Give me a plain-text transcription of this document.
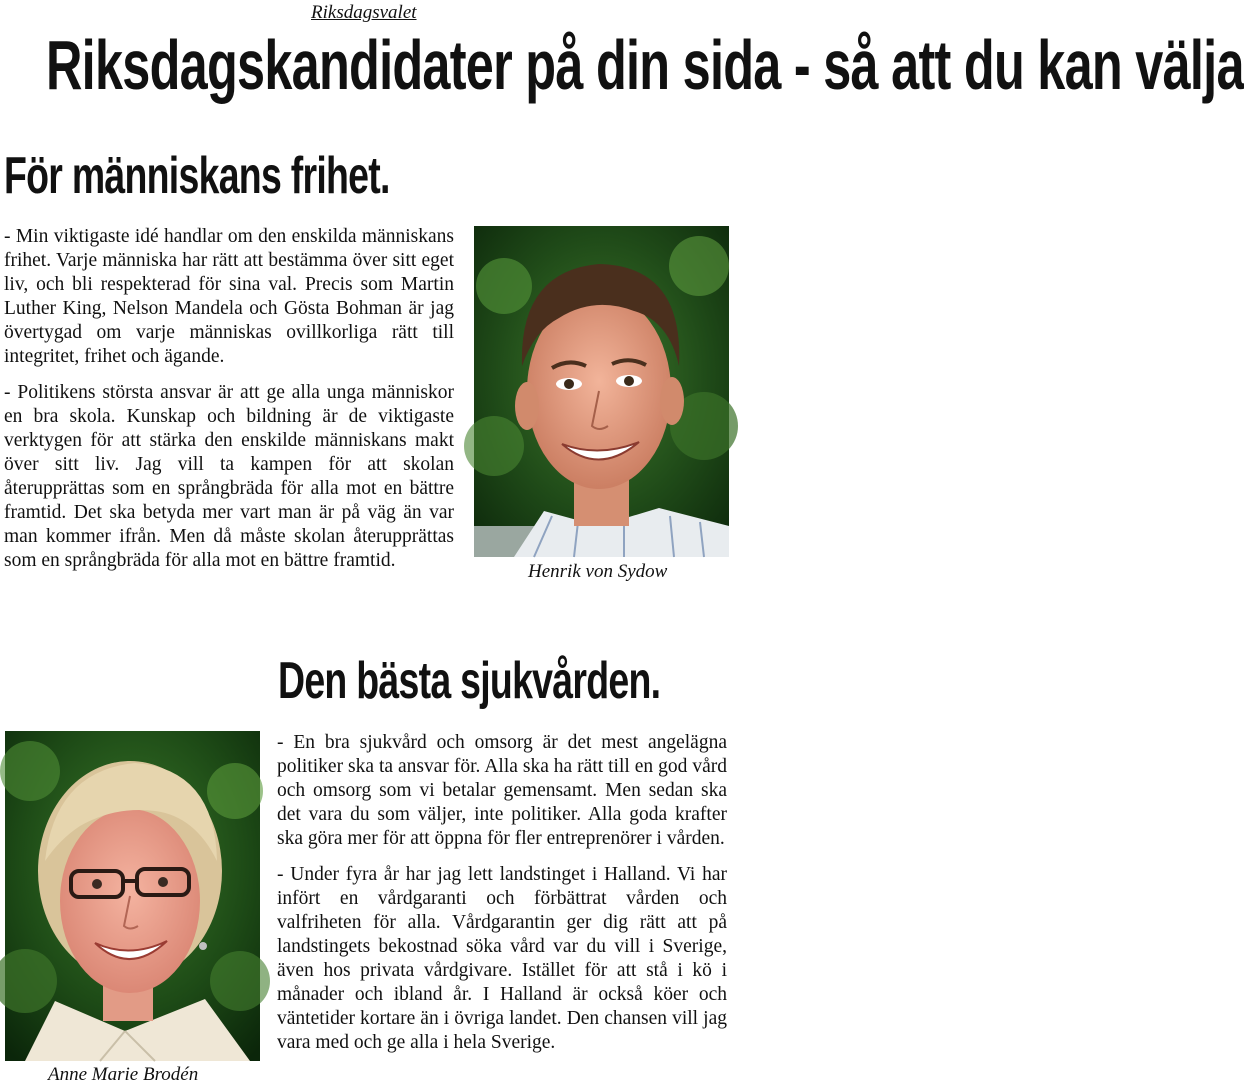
Riksdagsvalet
Riksdagskandidater på din sida - så att du kan välja
För människans frihet.

- Min viktigaste idé handlar om den enskilda människans frihet. Varje människa har rätt att bestämma över sitt eget liv, och bli respekterad för sina val. Precis som Martin Luther King, Nelson Mandela och Gösta Bohman är jag övertygad om varje människas ovillkorliga rätt till integritet, frihet och ägande.

- Politikens största ansvar är att ge alla unga människor en bra skola. Kunskap och bildning är de viktigaste verktygen för att stärka den enskilde människans makt över sitt liv. Jag vill ta kampen för att skolan återupprättas som en språngbräda för alla mot en bättre framtid. Det ska betyda mer vart man är på väg än var man kommer ifrån. Men då måste skolan återupprättas som en språngbräda för alla mot en bättre framtid.

Henrik von Sydow
Den bästa sjukvården.
Anne Marie Brodén

- En bra sjukvård och omsorg är det mest angelägna politiker ska ta ansvar för. Alla ska ha rätt till en god vård och omsorg som vi betalar gemensamt. Men sedan ska det vara du som väljer, inte politiker. Alla goda krafter ska göra mer för att öppna för fler entreprenörer i vården.

- Under fyra år har jag lett landstinget i Halland. Vi har infört en vårdgaranti och förbättrat vården och valfriheten för alla. Vårdgarantin ger dig rätt att på landstingets bekostnad söka vård var du vill i Sverige, även hos privata vårdgivare. Istället för att stå i kö i månader och ibland år. I Halland är också köer och väntetider kortare än i övriga landet. Den chansen vill jag vara med och ge alla i hela Sverige.
